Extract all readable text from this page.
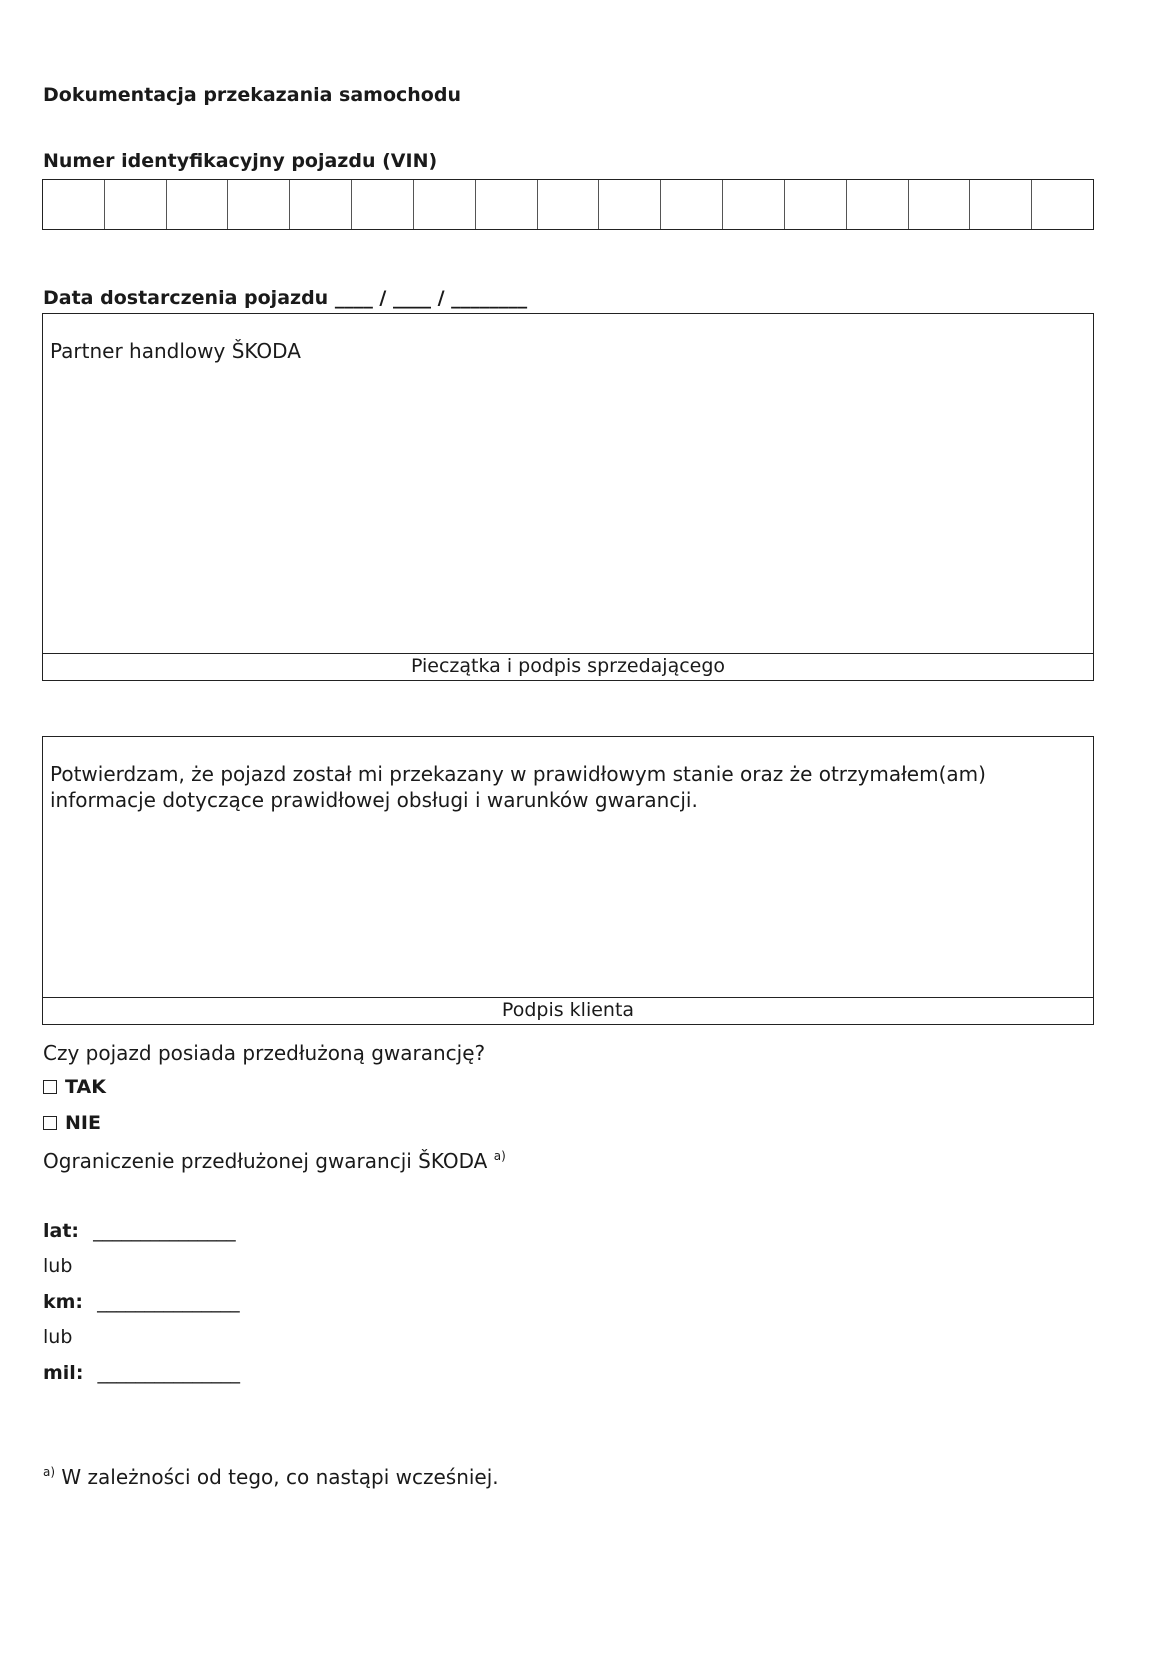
Dokumentacja przekazania samochodu
Numer identyfikacyjny pojazdu (VIN)
Data dostarczenia pojazdu ____ / ____ / ________
Partner handlowy ŠKODA
Pieczątka i podpis sprzedającego
Potwierdzam, że pojazd został mi przekazany w prawidłowym stanie oraz że otrzymałem(am) informacje dotyczące prawidłowej obsługi i warunków gwarancji.
Podpis klienta
Czy pojazd posiada przedłużoną gwarancję?
TAK
NIE
Ograniczenie przedłużonej gwarancji ŠKODA $^{a)}$
lat: _______________
lub
km: _______________
lub
mil: _______________
$^{a)}$ W zależności od tego, co nastąpi wcześniej.
